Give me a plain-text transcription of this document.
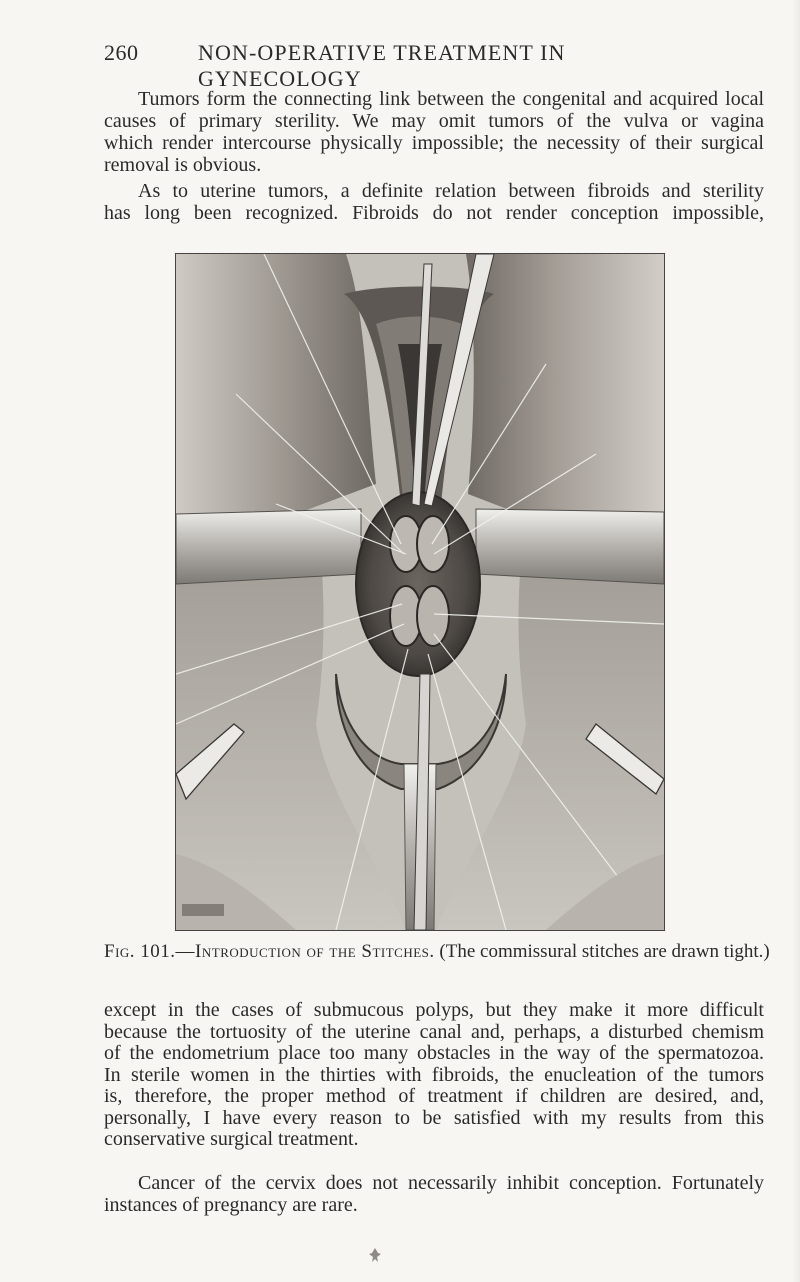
260	NON-OPERATIVE TREATMENT IN GYNECOLOGY
Tumors form the connecting link between the congenital and acquired local
causes of primary sterility. We may omit tumors of the vulva or vagina
which render intercourse physically impossible; the necessity of their surgical
removal is obvious.
As to uterine tumors, a definite relation between fibroids and sterility
has long been recognized. Fibroids do not render conception impossible,
Fig. 101.—Introduction of the Stitches. (The commissural stitches are drawn tight.)
except in the cases of submucous polyps, but they make it more difficult
because the tortuosity of the uterine canal and, perhaps, a disturbed chemism
of the endometrium place too many obstacles in the way of the spermatozoa.
In sterile women in the thirties with fibroids, the enucleation of the tumors
is, therefore, the proper method of treatment if children are desired, and,
personally, I have every reason to be satisfied with my results from this
conservative surgical treatment.
Cancer of the cervix does not necessarily inhibit conception. Fortunately
instances of pregnancy are rare.
